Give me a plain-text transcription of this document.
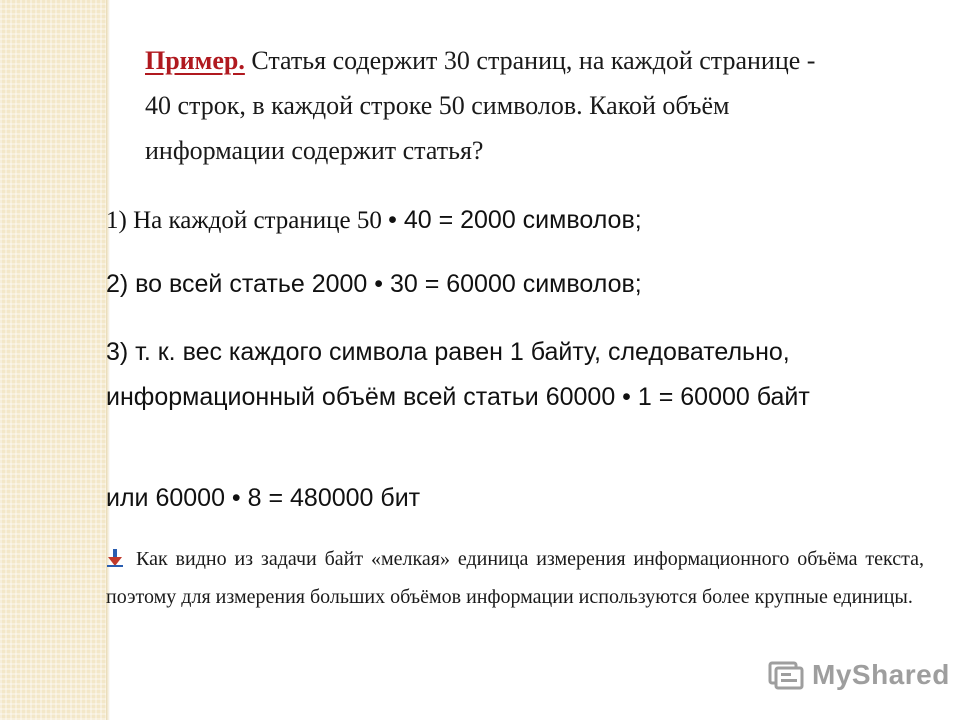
Пример. Статья содержит 30 страниц, на каждой странице - 40 строк, в каждой строке 50 символов. Какой объём информации содержит статья?
1) На каждой странице 50 • 40 = 2000 символов;
2) во всей статье 2000 • 30 = 60000 символов;
3) т. к. вес каждого символа равен 1 байту, следовательно, информационный объём всей статьи 60000 • 1 = 60000 байт
или 60000 • 8 = 480000 бит
Как видно из задачи байт «мелкая» единица измерения информационного объёма текста, поэтому для измерения больших объёмов информации используются более крупные единицы.
MyShared
